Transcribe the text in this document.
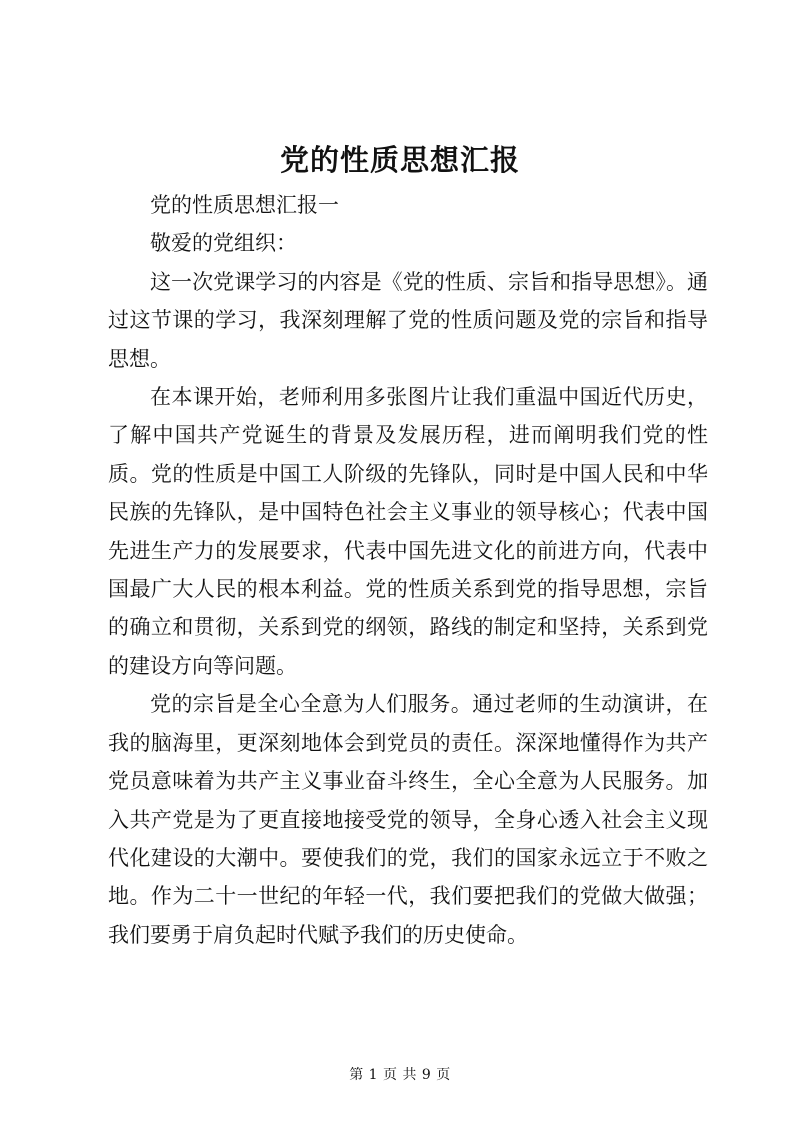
党的性质思想汇报

党的性质思想汇报一

敬爱的党组织：

这一次党课学习的内容是《党的性质、宗旨和指导思想》。通过这节课的学习，我深刻理解了党的性质问题及党的宗旨和指导思想。

在本课开始，老师利用多张图片让我们重温中国近代历史，了解中国共产党诞生的背景及发展历程，进而阐明我们党的性质。党的性质是中国工人阶级的先锋队，同时是中国人民和中华民族的先锋队，是中国特色社会主义事业的领导核心；代表中国先进生产力的发展要求，代表中国先进文化的前进方向，代表中国最广大人民的根本利益。党的性质关系到党的指导思想，宗旨的确立和贯彻，关系到党的纲领，路线的制定和坚持，关系到党的建设方向等问题。

党的宗旨是全心全意为人们服务。通过老师的生动演讲，在我的脑海里，更深刻地体会到党员的责任。深深地懂得作为共产党员意味着为共产主义事业奋斗终生，全心全意为人民服务。加入共产党是为了更直接地接受党的领导，全身心透入社会主义现代化建设的大潮中。要使我们的党，我们的国家永远立于不败之地。作为二十一世纪的年轻一代，我们要把我们的党做大做强；我们要勇于肩负起时代赋予我们的历史使命。

第 1 页 共 9 页
